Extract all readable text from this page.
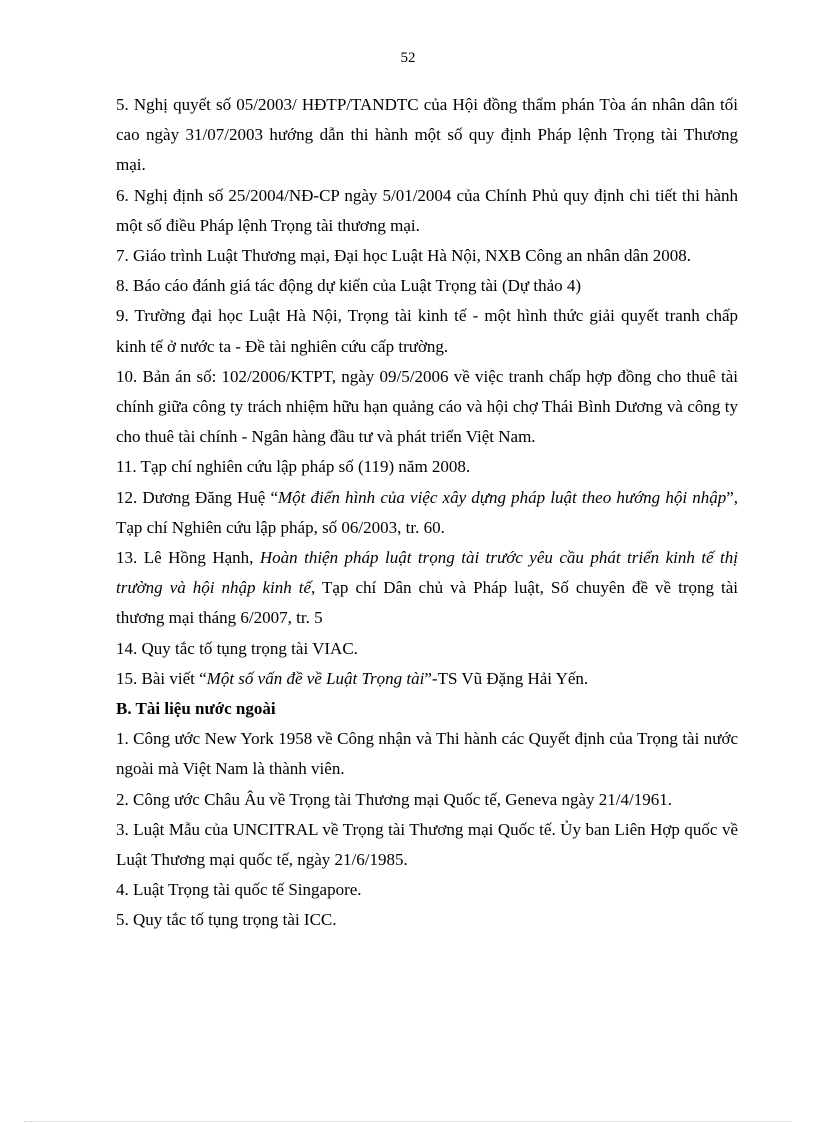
52

5. Nghị quyết số 05/2003/ HĐTP/TANDTC của Hội đồng thẩm phán Tòa án nhân dân tối cao ngày 31/07/2003 hướng dẫn thi hành một số quy định Pháp lệnh Trọng tài Thương mại.

6. Nghị định số 25/2004/NĐ-CP ngày 5/01/2004 của Chính Phủ quy định chi tiết thi hành một số điều Pháp lệnh Trọng tài thương mại.

7. Giáo trình Luật Thương mại, Đại học Luật Hà Nội, NXB Công an nhân dân 2008.

8. Báo cáo đánh giá tác động dự kiến của Luật Trọng tài (Dự thảo 4)

9. Trường đại học Luật Hà Nội, Trọng tài kinh tế - một hình thức giải quyết tranh chấp kinh tế ở nước ta - Đề tài nghiên cứu cấp trường.

10. Bản án số: 102/2006/KTPT, ngày 09/5/2006 về việc tranh chấp hợp đồng cho thuê tài chính giữa công ty trách nhiệm hữu hạn quảng cáo và hội chợ Thái Bình Dương và công ty cho thuê tài chính - Ngân hàng đầu tư và phát triển Việt Nam.

11. Tạp chí nghiên cứu lập pháp số (119) năm 2008.

12. Dương Đăng Huệ “Một điển hình của việc xây dựng pháp luật theo hướng hội nhập”, Tạp chí Nghiên cứu lập pháp, số 06/2003, tr. 60.

13. Lê Hồng Hạnh, Hoàn thiện pháp luật trọng tài trước yêu cầu phát triển kinh tế thị trường và hội nhập kinh tế, Tạp chí Dân chủ và Pháp luật, Số chuyên đề về trọng tài thương mại tháng 6/2007, tr. 5

14. Quy tắc tố tụng trọng tài VIAC.

15. Bài viết “Một số vấn đề về Luật Trọng tài”-TS Vũ Đặng Hải Yến.

B. Tài liệu nước ngoài

1. Công ước New York 1958 về Công nhận và Thi hành các Quyết định của Trọng tài nước ngoài mà Việt Nam là thành viên.

2. Công ước Châu Âu về Trọng tài Thương mại Quốc tế, Geneva ngày 21/4/1961.

3. Luật Mẫu của UNCITRAL về Trọng tài Thương mại Quốc tế. Ủy ban Liên Hợp quốc về Luật Thương mại quốc tế, ngày 21/6/1985.

4. Luật Trọng tài quốc tế Singapore.

5. Quy tắc tố tụng trọng tài ICC.
